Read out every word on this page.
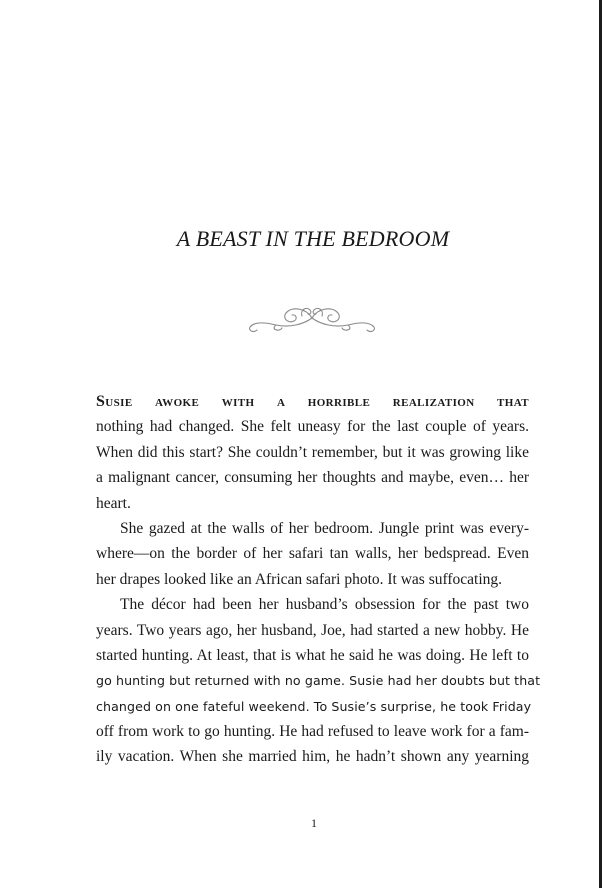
A BEAST IN THE BEDROOM
Susie awoke with a horrible realization that
nothing had changed. She felt uneasy for the last couple of years.
When did this start? She couldn’t remember, but it was growing like
a malignant cancer, consuming her thoughts and maybe, even… her
heart.
She gazed at the walls of her bedroom. Jungle print was every-
where—on the border of her safari tan walls, her bedspread. Even
her drapes looked like an African safari photo. It was suffocating.
The décor had been her husband’s obsession for the past two
years. Two years ago, her husband, Joe, had started a new hobby. He
started hunting. At least, that is what he said he was doing. He left to
go hunting but returned with no game. Susie had her doubts but that
changed on one fateful weekend. To Susie’s surprise, he took Friday
off from work to go hunting. He had refused to leave work for a fam-
ily vacation. When she married him, he hadn’t shown any yearning
1
